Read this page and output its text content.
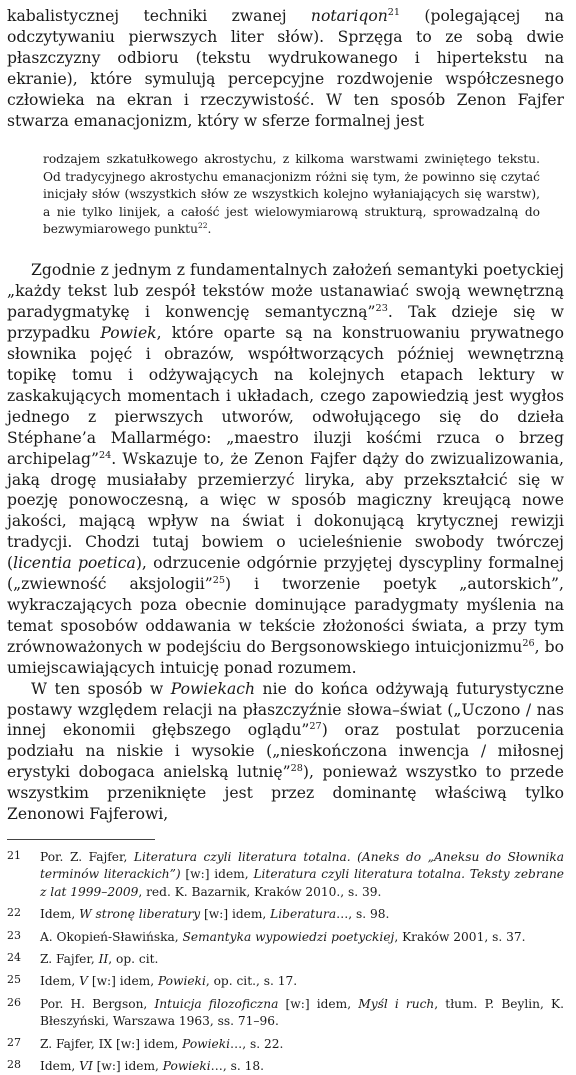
kabalistycznej techniki zwanej notariqon$^{21}$ (polegającej na odczytywaniu pierwszych liter słów). Sprzęga to ze sobą dwie płaszczyzny odbioru (tekstu wydrukowanego i hipertekstu na ekranie), które symulują percepcyjne rozdwojenie współczesnego człowieka na ekran i rzeczywistość. W ten sposób Zenon Fajfer stwarza emanacjonizm, który w sferze formalnej jest

rodzajem szkatułkowego akrostychu, z kilkoma warstwami zwiniętego tekstu. Od tradycyjnego akrostychu emanacjonizm różni się tym, że powinno się czytać inicjały słów (wszystkich słów ze wszystkich kolejno wyłaniających się warstw), a nie tylko linijek, a całość jest wielowymiarową strukturą, sprowadzalną do bezwymiarowego punktu$^{22}$.

Zgodnie z jednym z fundamentalnych założeń semantyki poetyckiej „każdy tekst lub zespół tekstów może ustanawiać swoją wewnętrzną paradygmatykę i konwencję semantyczną”$^{23}$. Tak dzieje się w przypadku Powiek, które oparte są na konstruowaniu prywatnego słownika pojęć i obrazów, współtworzących później wewnętrzną topikę tomu i odżywających na kolejnych etapach lektury w zaskakujących momentach i układach, czego zapowiedzią jest wygłos jednego z pierwszych utworów, odwołującego się do dzieła Stéphane’a Mallarmégo: „maestro iluzji kośćmi rzuca o brzeg archipelag”$^{24}$. Wskazuje to, że Zenon Fajfer dąży do zwizualizowania, jaką drogę musiałaby przemierzyć liryka, aby przekształcić się w poezję ponowoczesną, a więc w sposób magiczny kreującą nowe jakości, mającą wpływ na świat i dokonującą krytycznej rewizji tradycji. Chodzi tutaj bowiem o ucieleśnienie swobody twórczej (licentia poetica), odrzucenie odgórnie przyjętej dyscypliny formalnej („zwiewność aksjologii”$^{25}$) i tworzenie poetyk „autorskich”, wykraczających poza obecnie dominujące paradygmaty myślenia na temat sposobów oddawania w tekście złożoności świata, a przy tym zrównoważonych w podejściu do Bergsonowskiego intuicjonizmu$^{26}$, bo umiejscawiających intuicję ponad rozumem.

W ten sposób w Powiekach nie do końca odżywają futurystyczne postawy względem relacji na płaszczyźnie słowa–świat („Uczono / nas innej ekonomii głębszego oglądu”$^{27}$) oraz postulat porzucenia podziału na niskie i wysokie („nieskończona inwencja / miłosnej erystyki dobogaca anielską lutnię”$^{28}$), ponieważ wszystko to przede wszystkim przeniknięte jest przez dominantę właściwą tylko Zenonowi Fajferowi,

21	Por. Z. Fajfer, Literatura czyli literatura totalna. (Aneks do „Aneksu do Słownika terminów literackich”) [w:] idem, Literatura czyli literatura totalna. Teksty zebrane z lat 1999–2009, red. K. Bazarnik, Kraków 2010., s. 39.
22	Idem, W stronę liberatury [w:] idem, Liberatura…, s. 98.
23	A. Okopień-Sławińska, Semantyka wypowiedzi poetyckiej, Kraków 2001, s. 37.
24	Z. Fajfer, II, op. cit.
25	Idem, V [w:] idem, Powieki, op. cit., s. 17.
26	Por. H. Bergson, Intuicja filozoficzna [w:] idem, Myśl i ruch, tłum. P. Beylin, K. Błeszyński, Warszawa 1963, ss. 71–96.
27	Z. Fajfer, IX [w:] idem, Powieki…, s. 22.
28	Idem, VI [w:] idem, Powieki…, s. 18.
